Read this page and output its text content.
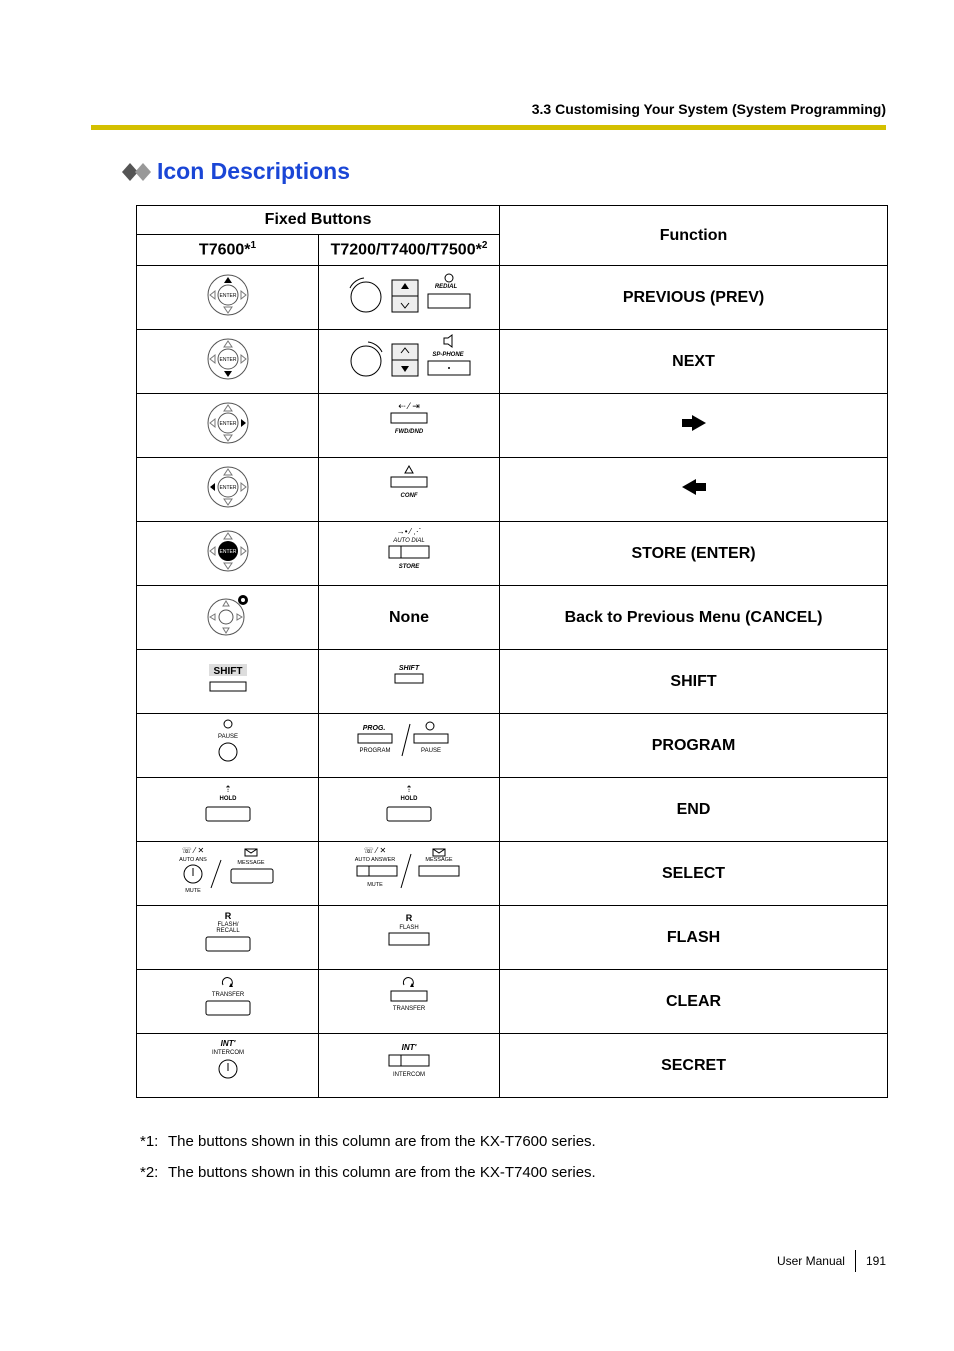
3.3 Customising Your System (System Programming)
Icon Descriptions
Fixed Buttons		Function
T7600*$^1$	T7200/T7400/T7500*$^2$

ENTER	REDIAL	PREVIOUS (PREV)

ENTER	SP-PHONE	NEXT

ENTER	⇠ ⁄ ⇥
FWD/DND

ENTER	CONF

ENTER	→• ⁄ ⋰
AUTO DIAL
STORE	STORE (ENTER)
	None	Back to Previous Menu (CANCEL)

SHIFT	SHIFT	SHIFT

PAUSE	PROG.
PROGRAM PAUSE	PROGRAM

⇡
HOLD	⇡
HOLD	END

☏ ⁄ ✕
AUTO ANS
MUTE
MESSAGE	☏ ⁄ ✕
AUTO ANSWER
MUTE
MESSAGE	SELECT

R
FLASH/
RECALL	R
FLASH	FLASH

TRANSFER	TRANSFER	CLEAR

INT'
INTERCOM	INT'
INTERCOM	SECRET
*1: The buttons shown in this column are from the KX-T7600 series.
*2: The buttons shown in this column are from the KX-T7400 series.
User Manual 191
